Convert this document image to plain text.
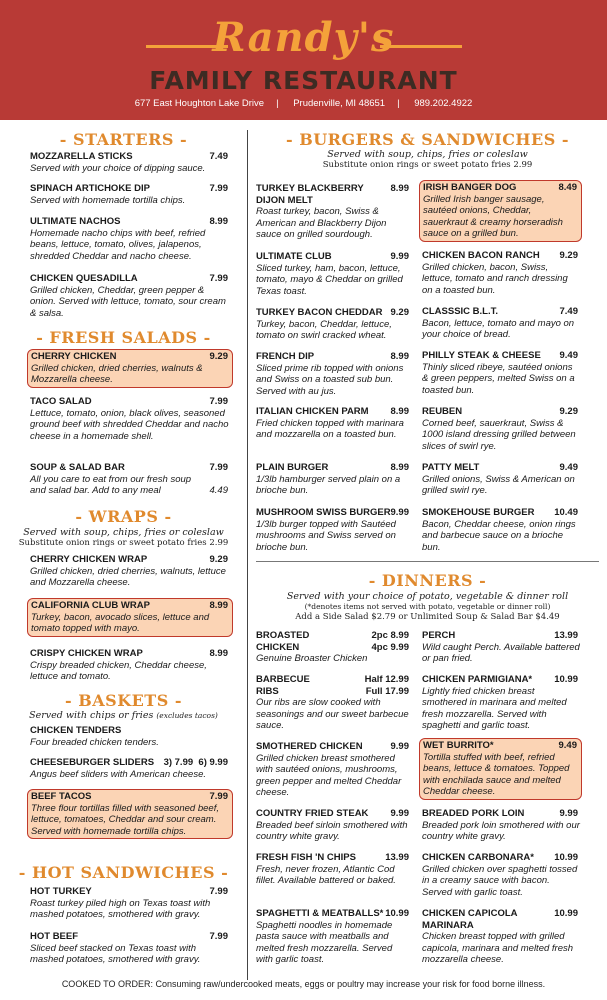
Randy's
FAMILY RESTAURANT
677 East Houghton Lake Drive | Prudenville, MI 48651 | 989.202.4922
- STARTERS -
MOZZARELLA STICKS	7.49
Served with your choice of dipping sauce.
SPINACH ARTICHOKE DIP	7.99
Served with homemade tortilla chips.
ULTIMATE NACHOS	8.99
Homemade nacho chips with beef, refried beans, lettuce, tomato, olives, jalapenos, shredded Cheddar and nacho cheese.
CHICKEN QUESADILLA	7.99
Grilled chicken, Cheddar, green pepper & onion. Served with lettuce, tomato, sour cream & salsa.
- FRESH SALADS -
CHERRY CHICKEN	9.29
Grilled chicken, dried cherries, walnuts & Mozzarella cheese.
TACO SALAD	7.99
Lettuce, tomato, onion, black olives, seasoned ground beef with shredded Cheddar and nacho cheese in a homemade shell.
SOUP & SALAD BAR	7.99
All you care to eat from our fresh soup and salad bar. Add to any meal	4.49
- WRAPS -
Served with soup, chips, fries or coleslaw
Substitute onion rings or sweet potato fries 2.99
CHERRY CHICKEN WRAP	9.29
Grilled chicken, dried cherries, walnuts, lettuce and Mozzarella cheese.
CALIFORNIA CLUB WRAP	8.99
Turkey, bacon, avocado slices, lettuce and tomato topped with mayo.
CRISPY CHICKEN WRAP	8.99
Crispy breaded chicken, Cheddar cheese, lettuce and tomato.
- BASKETS -
Served with chips or fries (excludes tacos)
CHICKEN TENDERS
Four breaded chicken tenders.
CHEESEBURGER SLIDERS	3) 7.99  6) 9.99
Angus beef sliders with American cheese.
BEEF TACOS	7.99
Three flour tortillas filled with seasoned beef, lettuce, tomatoes, Cheddar and sour cream. Served with homemade tortilla chips.
- HOT SANDWICHES -
HOT TURKEY	7.99
Roast turkey piled high on Texas toast with mashed potatoes, smothered with gravy.
HOT BEEF	7.99
Sliced beef stacked on Texas toast with mashed potatoes, smothered with gravy.
- BURGERS & SANDWICHES -
Served with soup, chips, fries or coleslaw
Substitute onion rings or sweet potato fries 2.99
TURKEY BLACKBERRY DIJON MELT
8.99
Roast turkey, bacon, Swiss & American and Blackberry Dijon sauce on grilled sourdough.
ULTIMATE CLUB	9.99
Sliced turkey, ham, bacon, lettuce, tomato, mayo & Cheddar on grilled Texas toast.
TURKEY BACON CHEDDAR 9.29
Turkey, bacon, Cheddar, lettuce, tomato on swirl cracked wheat.
FRENCH DIP	8.99
Sliced prime rib topped with onions and Swiss on a toasted sub bun. Served with au jus.
ITALIAN CHICKEN PARM	8.99
Fried chicken topped with marinara and mozzarella on a toasted bun.
PLAIN BURGER	8.99
1/3lb hamburger served plain on a brioche bun.
MUSHROOM SWISS BURGER 9.99
1/3lb burger topped with Sautéed mushrooms and Swiss served on brioche bun.
IRISH BANGER DOG	8.49
Grilled Irish banger sausage, sautéed onions, Cheddar, sauerkraut & creamy horseradish sauce on a grilled bun.
CHICKEN BACON RANCH	9.29
Grilled chicken, bacon, Swiss, lettuce, tomato and ranch dressing on a toasted bun.
CLASSSIC B.L.T.	7.49
Bacon, lettuce, tomato and mayo on your choice of bread.
PHILLY STEAK & CHEESE	9.49
Thinly sliced ribeye, sautéed onions & green peppers, melted Swiss on a toasted bun.
REUBEN	9.29
Corned beef, sauerkraut, Swiss & 1000 island dressing grilled between slices of swirl rye.
PATTY MELT	9.49
Grilled onions, Swiss & American on grilled swirl rye.
SMOKEHOUSE BURGER	10.49
Bacon, Cheddar cheese, onion rings and barbecue sauce on a brioche bun.
- DINNERS -
Served with your choice of potato, vegetable & dinner roll
(*denotes items not served with potato, vegetable or dinner roll)
Add a Side Salad $2.79 or Unlimited Soup & Salad Bar $4.49
BROASTED CHICKEN
2pc 8.99
4pc 9.99
Genuine Broaster Chicken
BARBECUE RIBS
Half 12.99
Full 17.99
Our ribs are slow cooked with seasonings and our sweet barbecue sauce.
SMOTHERED CHICKEN	9.99
Grilled chicken breast smothered with sautéed onions, mushrooms, green pepper and melted Cheddar cheese.
COUNTRY FRIED STEAK	9.99
Breaded beef sirloin smothered with country white gravy.
FRESH FISH 'N CHIPS	13.99
Fresh, never frozen, Atlantic Cod fillet. Available battered or baked.
SPAGHETTI & MEATBALLS* 10.99
Spaghetti noodles in homemade pasta sauce with meatballs and melted fresh mozzarella. Served with garlic toast.
PERCH	13.99
Wild caught Perch. Available battered or pan fried.
CHICKEN PARMIGIANA*	10.99
Lightly fried chicken breast smothered in marinara and melted fresh mozzarella. Served with spaghetti and garlic toast.
WET BURRITO*	9.49
Tortilla stuffed with beef, refried beans, lettuce & tomatoes. Topped with enchilada sauce and melted Cheddar cheese.
BREADED PORK LOIN	9.99
Breaded pork loin smothered with our country white gravy.
CHICKEN CARBONARA*	10.99
Grilled chicken over spaghetti tossed in a creamy sauce with bacon. Served with garlic toast.
CHICKEN CAPICOLA MARINARA
10.99
Chicken breast topped with grilled capicola, marinara and melted fresh mozzarella cheese.
COOKED TO ORDER: Consuming raw/undercooked meats, eggs or poultry may increase your risk for food borne illness.
